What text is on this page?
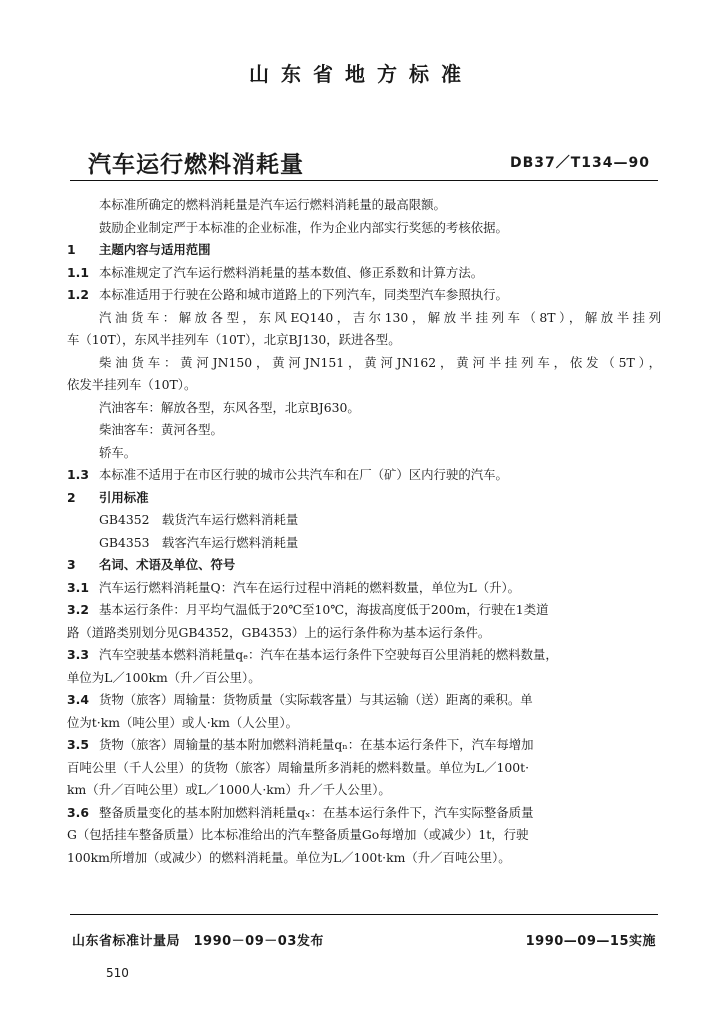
山东省地方标准
汽车运行燃料消耗量	DB37／T134—90
本标准所确定的燃料消耗量是汽车运行燃料消耗量的最高限额。
鼓励企业制定严于本标准的企业标准，作为企业内部实行奖惩的考核依据。
1 主题内容与适用范围
1.1 本标准规定了汽车运行燃料消耗量的基本数值、修正系数和计算方法。
1.2 本标准适用于行驶在公路和城市道路上的下列汽车，同类型汽车参照执行。
汽油货车：解放各型，东风EQ140，吉尔130，解放半挂列车（8T），解放半挂列
车（10T），东风半挂列车（10T），北京BJ130，跃进各型。
柴油货车：黄河JN150，黄河JN151，黄河JN162，黄河半挂列车，依发（5T），
依发半挂列车（10T）。
汽油客车：解放各型，东风各型，北京BJ630。
柴油客车：黄河各型。
轿车。
1.3 本标准不适用于在市区行驶的城市公共汽车和在厂（矿）区内行驶的汽车。
2 引用标准
GB4352　载货汽车运行燃料消耗量
GB4353　载客汽车运行燃料消耗量
3 名词、术语及单位、符号
3.1 汽车运行燃料消耗量Q：汽车在运行过程中消耗的燃料数量，单位为L（升）。
3.2 基本运行条件：月平均气温低于20℃至10℃，海拔高度低于200m，行驶在1类道
路（道路类别划分见GB4352，GB4353）上的运行条件称为基本运行条件。
3.3 汽车空驶基本燃料消耗量qₑ：汽车在基本运行条件下空驶每百公里消耗的燃料数量，
单位为L／100km（升／百公里）。
3.4 货物（旅客）周输量：货物质量（实际载客量）与其运输（送）距离的乘积。单
位为t·km（吨公里）或人·km（人公里）。
3.5 货物（旅客）周输量的基本附加燃料消耗量qₙ：在基本运行条件下，汽车每增加
百吨公里（千人公里）的货物（旅客）周输量所多消耗的燃料数量。单位为L／100t·
km（升／百吨公里）或L／1000人·km）升／千人公里）。
3.6 整备质量变化的基本附加燃料消耗量qₓ：在基本运行条件下，汽车实际整备质量
G（包括挂车整备质量）比本标准给出的汽车整备质量Go每增加（或减少）1t，行驶
100km所增加（或减少）的燃料消耗量。单位为L／100t·km（升／百吨公里）。
山东省标准计量局　1990－09－03发布	1990—09—15实施
510
